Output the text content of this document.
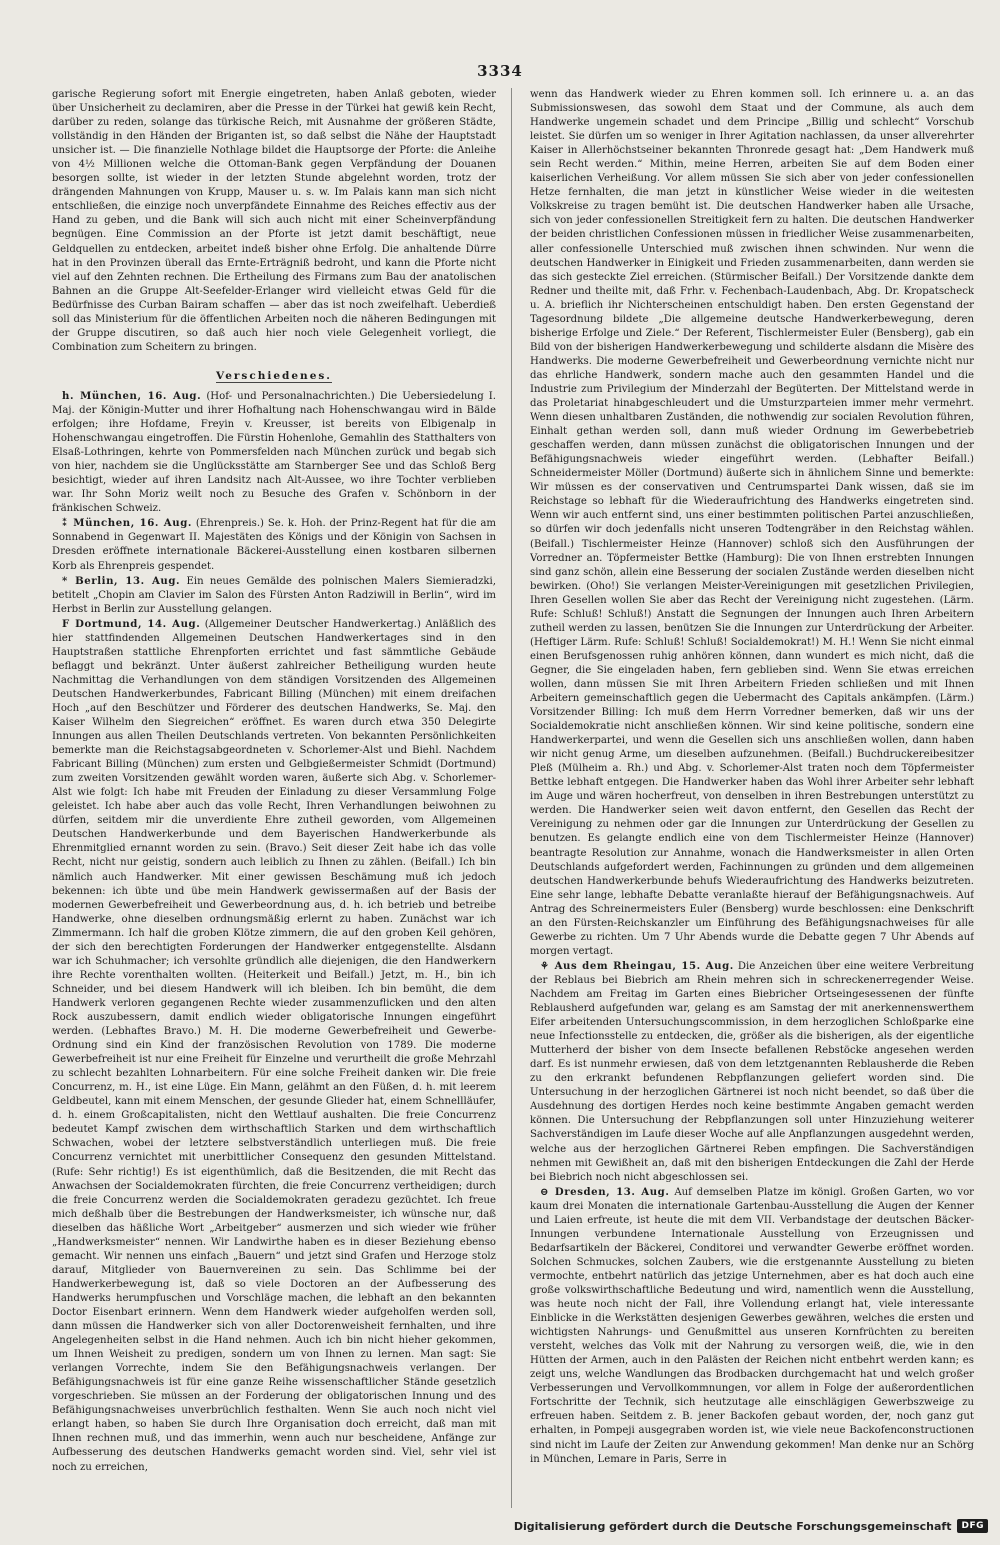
3334

garische Regierung sofort mit Energie eingetreten, haben Anlaß geboten, wieder über Unsicherheit zu declamiren, aber die Presse in der Türkei hat gewiß kein Recht, darüber zu reden, solange das türkische Reich, mit Ausnahme der größeren Städte, vollständig in den Händen der Briganten ist, so daß selbst die Nähe der Hauptstadt unsicher ist. — Die finanzielle Nothlage bildet die Hauptsorge der Pforte: die Anleihe von 4½ Millionen welche die Ottoman-Bank gegen Verpfändung der Douanen besorgen sollte, ist wieder in der letzten Stunde abgelehnt worden, trotz der drängenden Mahnungen von Krupp, Mauser u. s. w. Im Palais kann man sich nicht entschließen, die einzige noch unverpfändete Einnahme des Reiches effectiv aus der Hand zu geben, und die Bank will sich auch nicht mit einer Scheinverpfändung begnügen. Eine Commission an der Pforte ist jetzt damit beschäftigt, neue Geldquellen zu entdecken, arbeitet indeß bisher ohne Erfolg. Die anhaltende Dürre hat in den Provinzen überall das Ernte-Erträgniß bedroht, und kann die Pforte nicht viel auf den Zehnten rechnen. Die Ertheilung des Firmans zum Bau der anatolischen Bahnen an die Gruppe Alt-Seefelder-Erlanger wird vielleicht etwas Geld für die Bedürfnisse des Curban Bairam schaffen — aber das ist noch zweifelhaft. Ueberdieß soll das Ministerium für die öffentlichen Arbeiten noch die näheren Bedingungen mit der Gruppe discutiren, so daß auch hier noch viele Gelegenheit vorliegt, die Combination zum Scheitern zu bringen.

Verschiedenes.

h. München, 16. Aug. (Hof- und Personalnachrichten.) Die Uebersiedelung I. Maj. der Königin-Mutter und ihrer Hofhaltung nach Hohenschwangau wird in Bälde erfolgen; ihre Hofdame, Freyin v. Kreusser, ist bereits von Elbigenalp in Hohenschwangau eingetroffen. Die Fürstin Hohenlohe, Gemahlin des Statthalters von Elsaß-Lothringen, kehrte von Pommersfelden nach München zurück und begab sich von hier, nachdem sie die Unglücksstätte am Starnberger See und das Schloß Berg besichtigt, wieder auf ihren Landsitz nach Alt-Aussee, wo ihre Tochter verblieben war. Ihr Sohn Moriz weilt noch zu Besuche des Grafen v. Schönborn in der fränkischen Schweiz.

⁑ München, 16. Aug. (Ehrenpreis.) Se. k. Hoh. der Prinz-Regent hat für die am Sonnabend in Gegenwart II. Majestäten des Königs und der Königin von Sachsen in Dresden eröffnete internationale Bäckerei-Ausstellung einen kostbaren silbernen Korb als Ehrenpreis gespendet.

* Berlin, 13. Aug. Ein neues Gemälde des polnischen Malers Siemieradzki, betitelt „Chopin am Clavier im Salon des Fürsten Anton Radziwill in Berlin“, wird im Herbst in Berlin zur Ausstellung gelangen.

F Dortmund, 14. Aug. (Allgemeiner Deutscher Handwerkertag.) Anläßlich des hier stattfindenden Allgemeinen Deutschen Handwerkertages sind in den Hauptstraßen stattliche Ehrenpforten errichtet und fast sämmtliche Gebäude beflaggt und bekränzt. Unter äußerst zahlreicher Betheiligung wurden heute Nachmittag die Verhandlungen von dem ständigen Vorsitzenden des Allgemeinen Deutschen Handwerkerbundes, Fabricant Billing (München) mit einem dreifachen Hoch „auf den Beschützer und Förderer des deutschen Handwerks, Se. Maj. den Kaiser Wilhelm den Siegreichen“ eröffnet. Es waren durch etwa 350 Delegirte Innungen aus allen Theilen Deutschlands vertreten. Von bekannten Persönlichkeiten bemerkte man die Reichstagsabgeordneten v. Schorlemer-Alst und Biehl. Nachdem Fabricant Billing (München) zum ersten und Gelbgießermeister Schmidt (Dortmund) zum zweiten Vorsitzenden gewählt worden waren, äußerte sich Abg. v. Schorlemer-Alst wie folgt: Ich habe mit Freuden der Einladung zu dieser Versammlung Folge geleistet. Ich habe aber auch das volle Recht, Ihren Verhandlungen beiwohnen zu dürfen, seitdem mir die unverdiente Ehre zutheil geworden, vom Allgemeinen Deutschen Handwerkerbunde und dem Bayerischen Handwerkerbunde als Ehrenmitglied ernannt worden zu sein. (Bravo.) Seit dieser Zeit habe ich das volle Recht, nicht nur geistig, sondern auch leiblich zu Ihnen zu zählen. (Beifall.) Ich bin nämlich auch Handwerker. Mit einer gewissen Beschämung muß ich jedoch bekennen: ich übte und übe mein Handwerk gewissermaßen auf der Basis der modernen Gewerbefreiheit und Gewerbeordnung aus, d. h. ich betrieb und betreibe Handwerke, ohne dieselben ordnungsmäßig erlernt zu haben. Zunächst war ich Zimmermann. Ich half die groben Klötze zimmern, die auf den groben Keil gehören, der sich den berechtigten Forderungen der Handwerker entgegenstellte. Alsdann war ich Schuhmacher; ich versohlte gründlich alle diejenigen, die den Handwerkern ihre Rechte vorenthalten wollten. (Heiterkeit und Beifall.) Jetzt, m. H., bin ich Schneider, und bei diesem Handwerk will ich bleiben. Ich bin bemüht, die dem Handwerk verloren gegangenen Rechte wieder zusammenzuflicken und den alten Rock auszubessern, damit endlich wieder obligatorische Innungen eingeführt werden. (Lebhaftes Bravo.) M. H. Die moderne Gewerbefreiheit und Gewerbe-Ordnung sind ein Kind der französischen Revolution von 1789. Die moderne Gewerbefreiheit ist nur eine Freiheit für Einzelne und verurtheilt die große Mehrzahl zu schlecht bezahlten Lohnarbeitern. Für eine solche Freiheit danken wir. Die freie Concurrenz, m. H., ist eine Lüge. Ein Mann, gelähmt an den Füßen, d. h. mit leerem Geldbeutel, kann mit einem Menschen, der gesunde Glieder hat, einem Schnellläufer, d. h. einem Großcapitalisten, nicht den Wettlauf aushalten. Die freie Concurrenz bedeutet Kampf zwischen dem wirthschaftlich Starken und dem wirthschaftlich Schwachen, wobei der letztere selbstverständlich unterliegen muß. Die freie Concurrenz vernichtet mit unerbittlicher Consequenz den gesunden Mittelstand. (Rufe: Sehr richtig!) Es ist eigenthümlich, daß die Besitzenden, die mit Recht das Anwachsen der Socialdemokraten fürchten, die freie Concurrenz vertheidigen; durch die freie Concurrenz werden die Socialdemokraten geradezu gezüchtet. Ich freue mich deßhalb über die Bestrebungen der Handwerksmeister, ich wünsche nur, daß dieselben das häßliche Wort „Arbeitgeber“ ausmerzen und sich wieder wie früher „Handwerksmeister“ nennen. Wir Landwirthe haben es in dieser Beziehung ebenso gemacht. Wir nennen uns einfach „Bauern“ und jetzt sind Grafen und Herzoge stolz darauf, Mitglieder von Bauernvereinen zu sein. Das Schlimme bei der Handwerkerbewegung ist, daß so viele Doctoren an der Aufbesserung des Handwerks herumpfuschen und Vorschläge machen, die lebhaft an den bekannten Doctor Eisenbart erinnern. Wenn dem Handwerk wieder aufgeholfen werden soll, dann müssen die Handwerker sich von aller Doctorenweisheit fernhalten, und ihre Angelegenheiten selbst in die Hand nehmen. Auch ich bin nicht hieher gekommen, um Ihnen Weisheit zu predigen, sondern um von Ihnen zu lernen. Man sagt: Sie verlangen Vorrechte, indem Sie den Befähigungsnachweis verlangen. Der Befähigungsnachweis ist für eine ganze Reihe wissenschaftlicher Stände gesetzlich vorgeschrieben. Sie müssen an der Forderung der obligatorischen Innung und des Befähigungsnachweises unverbrüchlich festhalten. Wenn Sie auch noch nicht viel erlangt haben, so haben Sie durch Ihre Organisation doch erreicht, daß man mit Ihnen rechnen muß, und das immerhin, wenn auch nur bescheidene, Anfänge zur Aufbesserung des deutschen Handwerks gemacht worden sind. Viel, sehr viel ist noch zu erreichen,

wenn das Handwerk wieder zu Ehren kommen soll. Ich erinnere u. a. an das Submissionswesen, das sowohl dem Staat und der Commune, als auch dem Handwerke ungemein schadet und dem Principe „Billig und schlecht“ Vorschub leistet. Sie dürfen um so weniger in Ihrer Agitation nachlassen, da unser allverehrter Kaiser in Allerhöchstseiner bekannten Thronrede gesagt hat: „Dem Handwerk muß sein Recht werden.“ Mithin, meine Herren, arbeiten Sie auf dem Boden einer kaiserlichen Verheißung. Vor allem müssen Sie sich aber von jeder confessionellen Hetze fernhalten, die man jetzt in künstlicher Weise wieder in die weitesten Volkskreise zu tragen bemüht ist. Die deutschen Handwerker haben alle Ursache, sich von jeder confessionellen Streitigkeit fern zu halten. Die deutschen Handwerker der beiden christlichen Confessionen müssen in friedlicher Weise zusammenarbeiten, aller confessionelle Unterschied muß zwischen ihnen schwinden. Nur wenn die deutschen Handwerker in Einigkeit und Frieden zusammenarbeiten, dann werden sie das sich gesteckte Ziel erreichen. (Stürmischer Beifall.) Der Vorsitzende dankte dem Redner und theilte mit, daß Frhr. v. Fechenbach-Laudenbach, Abg. Dr. Kropatscheck u. A. brieflich ihr Nichterscheinen entschuldigt haben. Den ersten Gegenstand der Tagesordnung bildete „Die allgemeine deutsche Handwerkerbewegung, deren bisherige Erfolge und Ziele.“ Der Referent, Tischlermeister Euler (Bensberg), gab ein Bild von der bisherigen Handwerkerbewegung und schilderte alsdann die Misère des Handwerks. Die moderne Gewerbefreiheit und Gewerbeordnung vernichte nicht nur das ehrliche Handwerk, sondern mache auch den gesammten Handel und die Industrie zum Privilegium der Minderzahl der Begüterten. Der Mittelstand werde in das Proletariat hinabgeschleudert und die Umsturzparteien immer mehr vermehrt. Wenn diesen unhaltbaren Zuständen, die nothwendig zur socialen Revolution führen, Einhalt gethan werden soll, dann muß wieder Ordnung im Gewerbebetrieb geschaffen werden, dann müssen zunächst die obligatorischen Innungen und der Befähigungsnachweis wieder eingeführt werden. (Lebhafter Beifall.) Schneidermeister Möller (Dortmund) äußerte sich in ähnlichem Sinne und bemerkte: Wir müssen es der conservativen und Centrumspartei Dank wissen, daß sie im Reichstage so lebhaft für die Wiederaufrichtung des Handwerks eingetreten sind. Wenn wir auch entfernt sind, uns einer bestimmten politischen Partei anzuschließen, so dürfen wir doch jedenfalls nicht unseren Todtengräber in den Reichstag wählen. (Beifall.) Tischlermeister Heinze (Hannover) schloß sich den Ausführungen der Vorredner an. Töpfermeister Bettke (Hamburg): Die von Ihnen erstrebten Innungen sind ganz schön, allein eine Besserung der socialen Zustände werden dieselben nicht bewirken. (Oho!) Sie verlangen Meister-Vereinigungen mit gesetzlichen Privilegien, Ihren Gesellen wollen Sie aber das Recht der Vereinigung nicht zugestehen. (Lärm. Rufe: Schluß! Schluß!) Anstatt die Segnungen der Innungen auch Ihren Arbeitern zutheil werden zu lassen, benützen Sie die Innungen zur Unterdrückung der Arbeiter. (Heftiger Lärm. Rufe: Schluß! Schluß! Socialdemokrat!) M. H.! Wenn Sie nicht einmal einen Berufsgenossen ruhig anhören können, dann wundert es mich nicht, daß die Gegner, die Sie eingeladen haben, fern geblieben sind. Wenn Sie etwas erreichen wollen, dann müssen Sie mit Ihren Arbeitern Frieden schließen und mit Ihnen Arbeitern gemeinschaftlich gegen die Uebermacht des Capitals ankämpfen. (Lärm.) Vorsitzender Billing: Ich muß dem Herrn Vorredner bemerken, daß wir uns der Socialdemokratie nicht anschließen können. Wir sind keine politische, sondern eine Handwerkerpartei, und wenn die Gesellen sich uns anschließen wollen, dann haben wir nicht genug Arme, um dieselben aufzunehmen. (Beifall.) Buchdruckereibesitzer Pleß (Mülheim a. Rh.) und Abg. v. Schorlemer-Alst traten noch dem Töpfermeister Bettke lebhaft entgegen. Die Handwerker haben das Wohl ihrer Arbeiter sehr lebhaft im Auge und wären hocherfreut, von denselben in ihren Bestrebungen unterstützt zu werden. Die Handwerker seien weit davon entfernt, den Gesellen das Recht der Vereinigung zu nehmen oder gar die Innungen zur Unterdrückung der Gesellen zu benutzen. Es gelangte endlich eine von dem Tischlermeister Heinze (Hannover) beantragte Resolution zur Annahme, wonach die Handwerksmeister in allen Orten Deutschlands aufgefordert werden, Fachinnungen zu gründen und dem allgemeinen deutschen Handwerkerbunde behufs Wiederaufrichtung des Handwerks beizutreten. Eine sehr lange, lebhafte Debatte veranlaßte hierauf der Befähigungsnachweis. Auf Antrag des Schreinermeisters Euler (Bensberg) wurde beschlossen: eine Denkschrift an den Fürsten-Reichskanzler um Einführung des Befähigungsnachweises für alle Gewerbe zu richten. Um 7 Uhr Abends wurde die Debatte gegen 7 Uhr Abends auf morgen vertagt.

⚘ Aus dem Rheingau, 15. Aug. Die Anzeichen über eine weitere Verbreitung der Reblaus bei Biebrich am Rhein mehren sich in schreckenerregender Weise. Nachdem am Freitag im Garten eines Biebricher Ortseingesessenen der fünfte Reblausherd aufgefunden war, gelang es am Samstag der mit anerkennenswerthem Eifer arbeitenden Untersuchungscommission, in dem herzoglichen Schloßparke eine neue Infectionsstelle zu entdecken, die, größer als die bisherigen, als der eigentliche Mutterherd der bisher von dem Insecte befallenen Rebstöcke angesehen werden darf. Es ist nunmehr erwiesen, daß von dem letztgenannten Reblausherde die Reben zu den erkrankt befundenen Rebpflanzungen geliefert worden sind. Die Untersuchung in der herzoglichen Gärtnerei ist noch nicht beendet, so daß über die Ausdehnung des dortigen Herdes noch keine bestimmte Angaben gemacht werden können. Die Untersuchung der Rebpflanzungen soll unter Hinzuziehung weiterer Sachverständigen im Laufe dieser Woche auf alle Anpflanzungen ausgedehnt werden, welche aus der herzoglichen Gärtnerei Reben empfingen. Die Sachverständigen nehmen mit Gewißheit an, daß mit den bisherigen Entdeckungen die Zahl der Herde bei Biebrich noch nicht abgeschlossen sei.

⊖ Dresden, 13. Aug. Auf demselben Platze im königl. Großen Garten, wo vor kaum drei Monaten die internationale Gartenbau-Ausstellung die Augen der Kenner und Laien erfreute, ist heute die mit dem VII. Verbandstage der deutschen Bäcker-Innungen verbundene Internationale Ausstellung von Erzeugnissen und Bedarfsartikeln der Bäckerei, Conditorei und verwandter Gewerbe eröffnet worden. Solchen Schmuckes, solchen Zaubers, wie die erstgenannte Ausstellung zu bieten vermochte, entbehrt natürlich das jetzige Unternehmen, aber es hat doch auch eine große volkswirthschaftliche Bedeutung und wird, namentlich wenn die Ausstellung, was heute noch nicht der Fall, ihre Vollendung erlangt hat, viele interessante Einblicke in die Werkstätten desjenigen Gewerbes gewähren, welches die ersten und wichtigsten Nahrungs- und Genußmittel aus unseren Kornfrüchten zu bereiten versteht, welches das Volk mit der Nahrung zu versorgen weiß, die, wie in den Hütten der Armen, auch in den Palästen der Reichen nicht entbehrt werden kann; es zeigt uns, welche Wandlungen das Brodbacken durchgemacht hat und welch großer Verbesserungen und Vervollkommnungen, vor allem in Folge der außerordentlichen Fortschritte der Technik, sich heutzutage alle einschlägigen Gewerbszweige zu erfreuen haben. Seitdem z. B. jener Backofen gebaut worden, der, noch ganz gut erhalten, in Pompeji ausgegraben worden ist, wie viele neue Backofenconstructionen sind nicht im Laufe der Zeiten zur Anwendung gekommen! Man denke nur an Schörg in München, Lemare in Paris, Serre in

Digitalisierung gefördert durch die Deutsche Forschungsgemeinschaft	DFG
